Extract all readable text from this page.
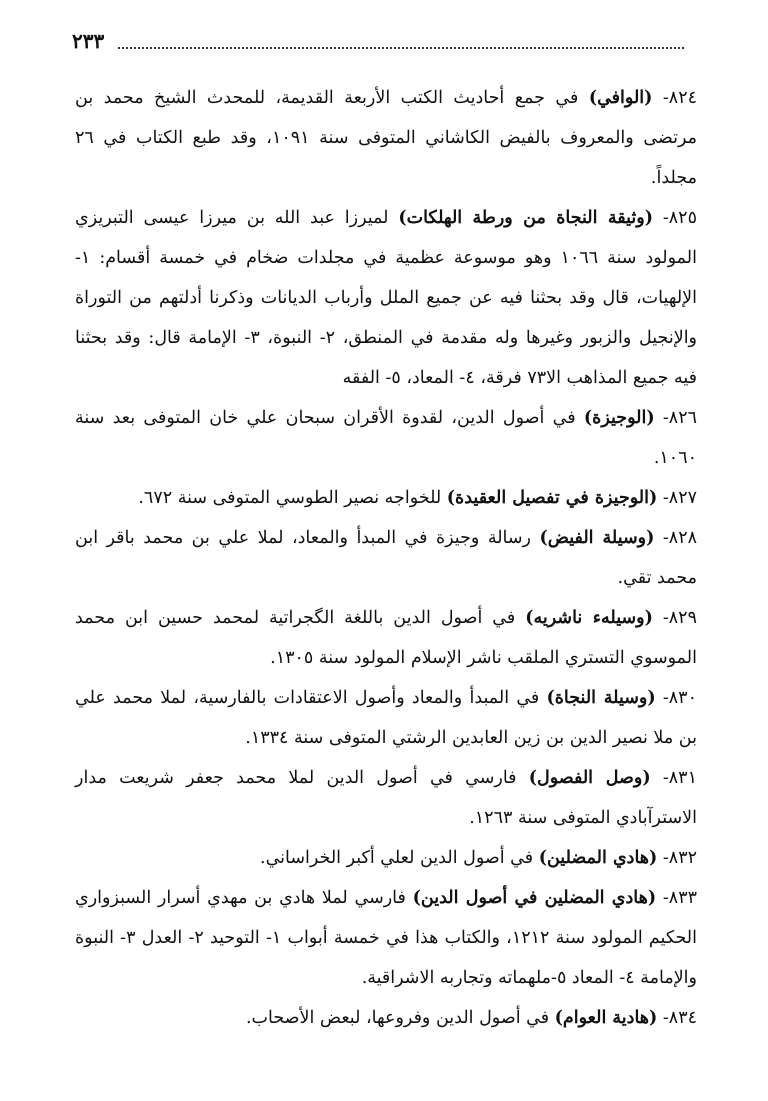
٢٣٣

٨٢٤- (الوافي) في جمع أحاديث الكتب الأربعة القديمة، للمحدث الشيخ محمد بن مرتضى والمعروف بالفيض الكاشاني المتوفى سنة ١٠٩١، وقد طبع الكتاب في ٢٦ مجلداً.

٨٢٥- (وثيقة النجاة من ورطة الهلكات) لميرزا عبد الله بن ميرزا عيسى التبريزي المولود سنة ١٠٦٦ وهو موسوعة عظمية في مجلدات ضخام في خمسة أقسام: ١- الإلهيات، قال وقد بحثنا فيه عن جميع الملل وأرباب الديانات وذكرنا أدلتهم من التوراة والإنجيل والزبور وغيرها وله مقدمة في المنطق، ٢- النبوة، ٣- الإمامة قال: وقد بحثنا فيه جميع المذاهب الا٧٣ فرقة، ٤- المعاد، ٥- الفقه

٨٢٦- (الوجيزة) في أصول الدين، لقدوة الأقران سبحان علي خان المتوفى بعد سنة ١٠٦٠.

٨٢٧- (الوجيزة في تفصيل العقيدة) للخواجه نصير الطوسي المتوفى سنة ٦٧٢.

٨٢٨- (وسيلة الفيض) رسالة وجيزة في المبدأ والمعاد، لملا علي بن محمد باقر ابن محمد تقي.

٨٢٩- (وسيلهء ناشريه) في أصول الدين باللغة الگجراتية لمحمد حسين ابن محمد الموسوي التستري الملقب ناشر الإسلام المولود سنة ١٣٠٥.

٨٣٠- (وسيلة النجاة) في المبدأ والمعاد وأصول الاعتقادات بالفارسية، لملا محمد علي بن ملا نصير الدين بن زين العابدين الرشتي المتوفى سنة ١٣٣٤.

٨٣١- (وصل الفصول) فارسي في أصول الدين لملا محمد جعفر شريعت مدار الاسترآبادي المتوفى سنة ١٢٦٣.

٨٣٢- (هادي المضلين) في أصول الدين لعلي أكبر الخراساني.

٨٣٣- (هادي المضلين في أصول الدين) فارسي لملا هادي بن مهدي أسرار السبزواري الحكيم المولود سنة ١٢١٢، والكتاب هذا في خمسة أبواب ١- التوحيد ٢- العدل ٣- النبوة والإمامة ٤- المعاد ٥-ملهماته وتجاربه الاشراقية.

٨٣٤- (هادية العوام) في أصول الدين وفروعها، لبعض الأصحاب.
